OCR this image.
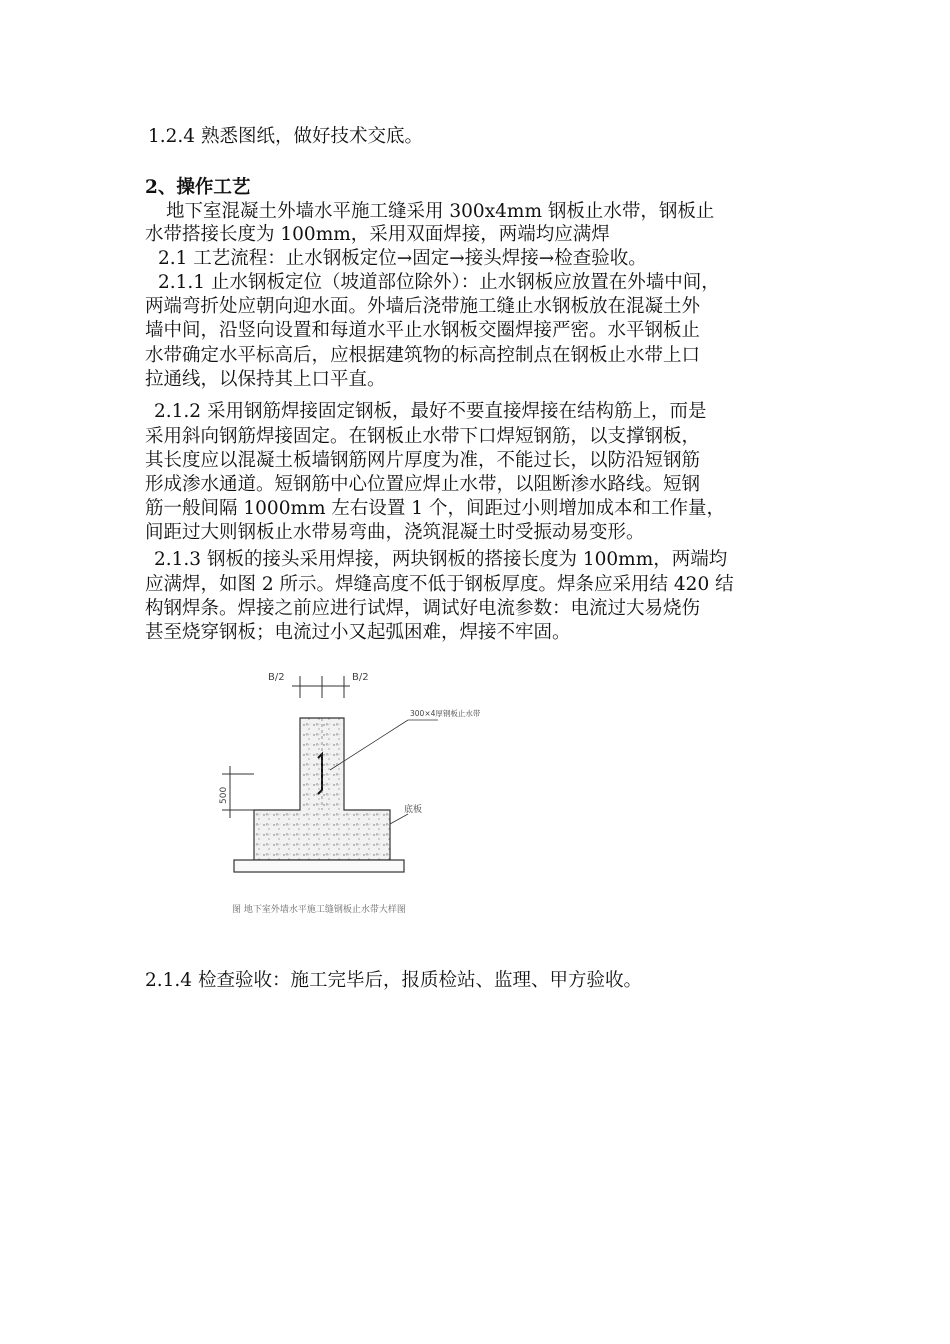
1.2.4 熟悉图纸，做好技术交底。
2、操作工艺
地下室混凝土外墙水平施工缝采用 300x4mm 钢板止水带，钢板止
水带搭接长度为 100mm，采用双面焊接，两端均应满焊
2.1 工艺流程：止水钢板定位→固定→接头焊接→检查验收。
2.1.1 止水钢板定位（坡道部位除外）：止水钢板应放置在外墙中间，
两端弯折处应朝向迎水面。外墙后浇带施工缝止水钢板放在混凝土外
墙中间，沿竖向设置和每道水平止水钢板交圈焊接严密。水平钢板止
水带确定水平标高后，应根据建筑物的标高控制点在钢板止水带上口
拉通线，以保持其上口平直。
2.1.2 采用钢筋焊接固定钢板，最好不要直接焊接在结构筋上，而是
采用斜向钢筋焊接固定。在钢板止水带下口焊短钢筋，以支撑钢板，
其长度应以混凝土板墙钢筋网片厚度为准，不能过长，以防沿短钢筋
形成渗水通道。短钢筋中心位置应焊止水带，以阻断渗水路线。短钢
筋一般间隔 1000mm 左右设置 1 个，间距过小则增加成本和工作量，
间距过大则钢板止水带易弯曲，浇筑混凝土时受振动易变形。
2.1.3 钢板的接头采用焊接，两块钢板的搭接长度为 100mm，两端均
应满焊，如图 2 所示。焊缝高度不低于钢板厚度。焊条应采用结 420 结
构钢焊条。焊接之前应进行试焊，调试好电流参数：电流过大易烧伤
甚至烧穿钢板；电流过小又起弧困难，焊接不牢固。
B/2	B/2
300×4厚钢板止水带
500
底板
图 地下室外墙水平施工缝钢板止水带大样图
2.1.4 检查验收：施工完毕后，报质检站、监理、甲方验收。
